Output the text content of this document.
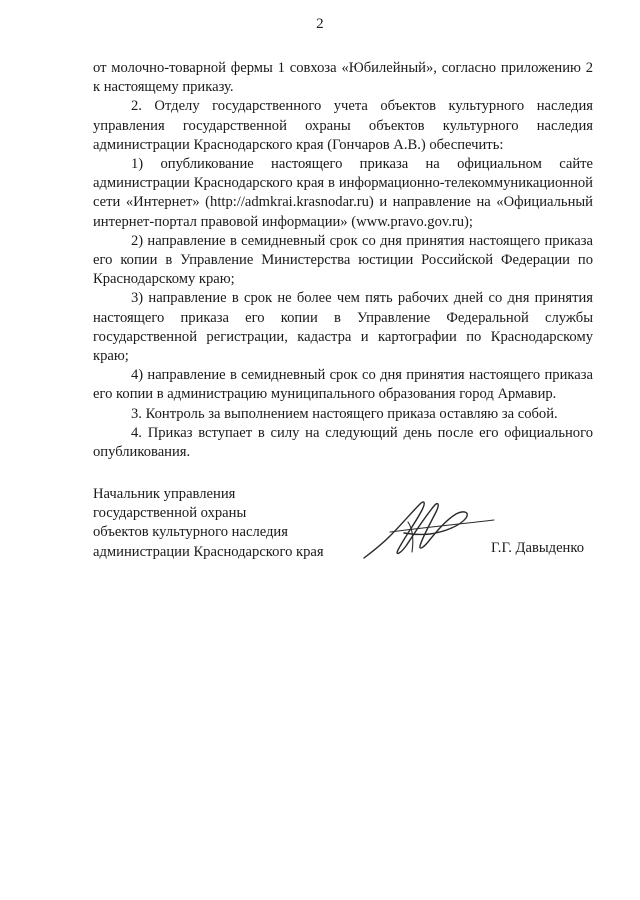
2

от молочно-товарной фермы 1 совхоза «Юбилейный», согласно приложению 2 к настоящему приказу.

2. Отделу государственного учета объектов культурного наследия управления государственной охраны объектов культурного наследия администрации Краснодарского края (Гончаров А.В.) обеспечить:

1) опубликование настоящего приказа на официальном сайте администрации Краснодарского края в информационно-телекоммуникационной сети «Интернет» (http://admkrai.krasnodar.ru) и направление на «Официальный интернет-портал правовой информации» (www.pravo.gov.ru);

2) направление в семидневный срок со дня принятия настоящего приказа его копии в Управление Министерства юстиции Российской Федерации по Краснодарскому краю;

3) направление в срок не более чем пять рабочих дней со дня принятия настоящего приказа его копии в Управление Федеральной службы государственной регистрации, кадастра и картографии по Краснодарскому краю;

4) направление в семидневный срок со дня принятия настоящего приказа его копии в администрацию муниципального образования город Армавир.

3. Контроль за выполнением настоящего приказа оставляю за собой.

4. Приказ вступает в силу на следующий день после его официального опубликования.

Начальник управления
государственной охраны
объектов культурного наследия
администрации Краснодарского края	Г.Г. Давыденко
